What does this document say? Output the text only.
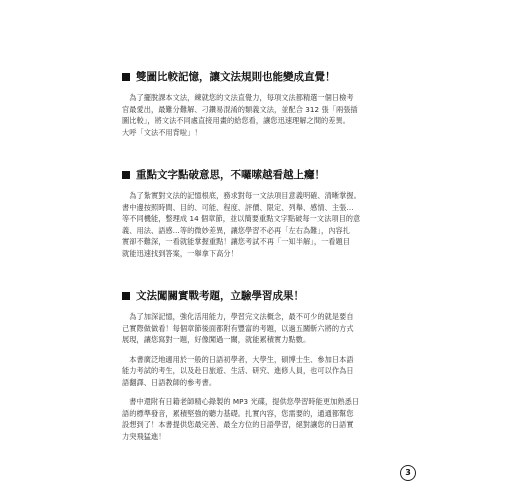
雙圖比較記憶，讓文法規則也能變成直覺！
　為了擺脫課本文法，練就您的文法直覺力，每項文法都精選一個日檢考
官最愛出，最難分難解、刁鑽易混淆的類義文法，並配合 312 張「兩張插
圖比較」，將文法不同處直接用畫的給您看，讓您迅速理解之間的差異。
大呼「文法不用背啦」！
重點文字點破意思，不囉嗦越看越上癮！
　為了紮實對文法的記憶根底，務求對每一文法項目意義明確、清晰掌握。
書中邊按照時間、目的、可能、程度、評價、限定、列舉、感情、主張…
等不同機能，整理成 14 個章節，並以簡要重點文字點破每一文法項目的意
義、用法、語感…等的微妙差異，讓您學習不必再「左右為難」，內容扎
實卻不難深，一看就能掌握重點！讓您考試不再「一知半解」，一看題目
就能迅速找到答案，一舉拿下高分！
文法闖關實戰考題，立驗學習成果！
　為了加深記憶，強化活用能力，學習完文法概念，最不可少的就是要自
己實際做做看！每個章節後面都附有豐富的考題，以過五關斬六將的方式
展現，讓您寫對一題，好像闖過一關，就能累積實力點數。
　本書廣泛地適用於一般的日語初學者，大學生，碩博士生、參加日本語
能力考試的考生，以及赴日旅遊、生活、研究、進修人員，也可以作為日
語翻譯、日語教師的參考書。
　書中還附有日籍老師精心錄製的 MP3 光碟，提供您學習時能更加熟悉日
語的標準發音，累積堅強的聽力基礎。扎實內容，您需要的，通通都幫您
設想到了！本書提供您最完善、最全方位的日語學習，絕對讓您的日語實
力突飛猛進！
3
